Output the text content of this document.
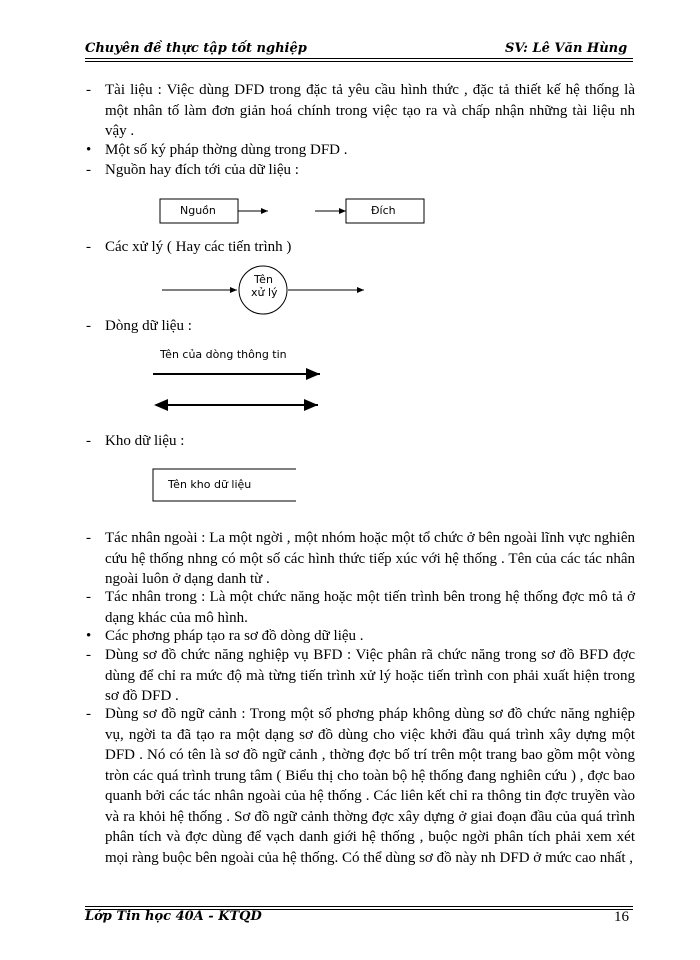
Chuyên đề thực tập tốt nghiệp	SV: Lê Văn Hùng
- Tài liệu : Việc dùng DFD trong đặc tả yêu cầu hình thức , đặc tả thiết kế hệ thống là một nhân tố làm đơn giản hoá chính trong việc tạo ra và chấp nhận những tài liệu nh vậy .
• Một số ký pháp thờng dùng trong DFD .
- Nguồn hay đích tới của dữ liệu :
Nguồn	Đích
- Các xử lý ( Hay các tiến trình )
Tên
xử lý
- Dòng dữ liệu :
Tên của dòng thông tin
- Kho dữ liệu :
Tên kho dữ liệu
- Tác nhân ngoài : La một ngời , một nhóm hoặc một tổ chức ở bên ngoài lĩnh vực nghiên cứu hệ thống nhng có một số các hình thức tiếp xúc với hệ thống . Tên của các tác nhân ngoài luôn ở dạng danh từ .
- Tác nhân trong : Là một chức năng hoặc một tiến trình bên trong hệ thống đợc mô tả ở dạng khác của mô hình.
• Các phơng pháp tạo ra sơ đồ dòng dữ liệu .
- Dùng sơ đồ chức năng nghiệp vụ BFD : Việc phân rã chức năng trong sơ đồ BFD đợc dùng để chỉ ra mức độ mà từng tiến trình xử lý hoặc tiến trình con phải xuất hiện trong sơ đồ DFD .
- Dùng sơ đồ ngữ cảnh : Trong một số phơng pháp không dùng sơ đồ chức năng nghiệp vụ, ngời ta đã tạo ra một dạng sơ đồ dùng cho việc khởi đầu quá trình xây dựng một DFD . Nó có tên là sơ đồ ngữ cảnh , thờng đợc bố trí trên một trang bao gồm một vòng tròn các quá trình trung tâm ( Biểu thị cho toàn bộ hệ thống đang nghiên cứu ) , đợc bao quanh bởi các tác nhân ngoài của hệ thống . Các liên kết chỉ ra thông tin đợc truyền vào và ra khỏi hệ thống . Sơ đồ ngữ cảnh thờng đợc xây dựng ở giai đoạn đầu của quá trình phân tích và đợc dùng để vạch danh giới hệ thống , buộc ngời phân tích phải xem xét mọi ràng buộc bên ngoài của hệ thống. Có thể dùng sơ đồ này nh DFD ở mức cao nhất ,
Lớp Tin học 40A - KTQD	16
